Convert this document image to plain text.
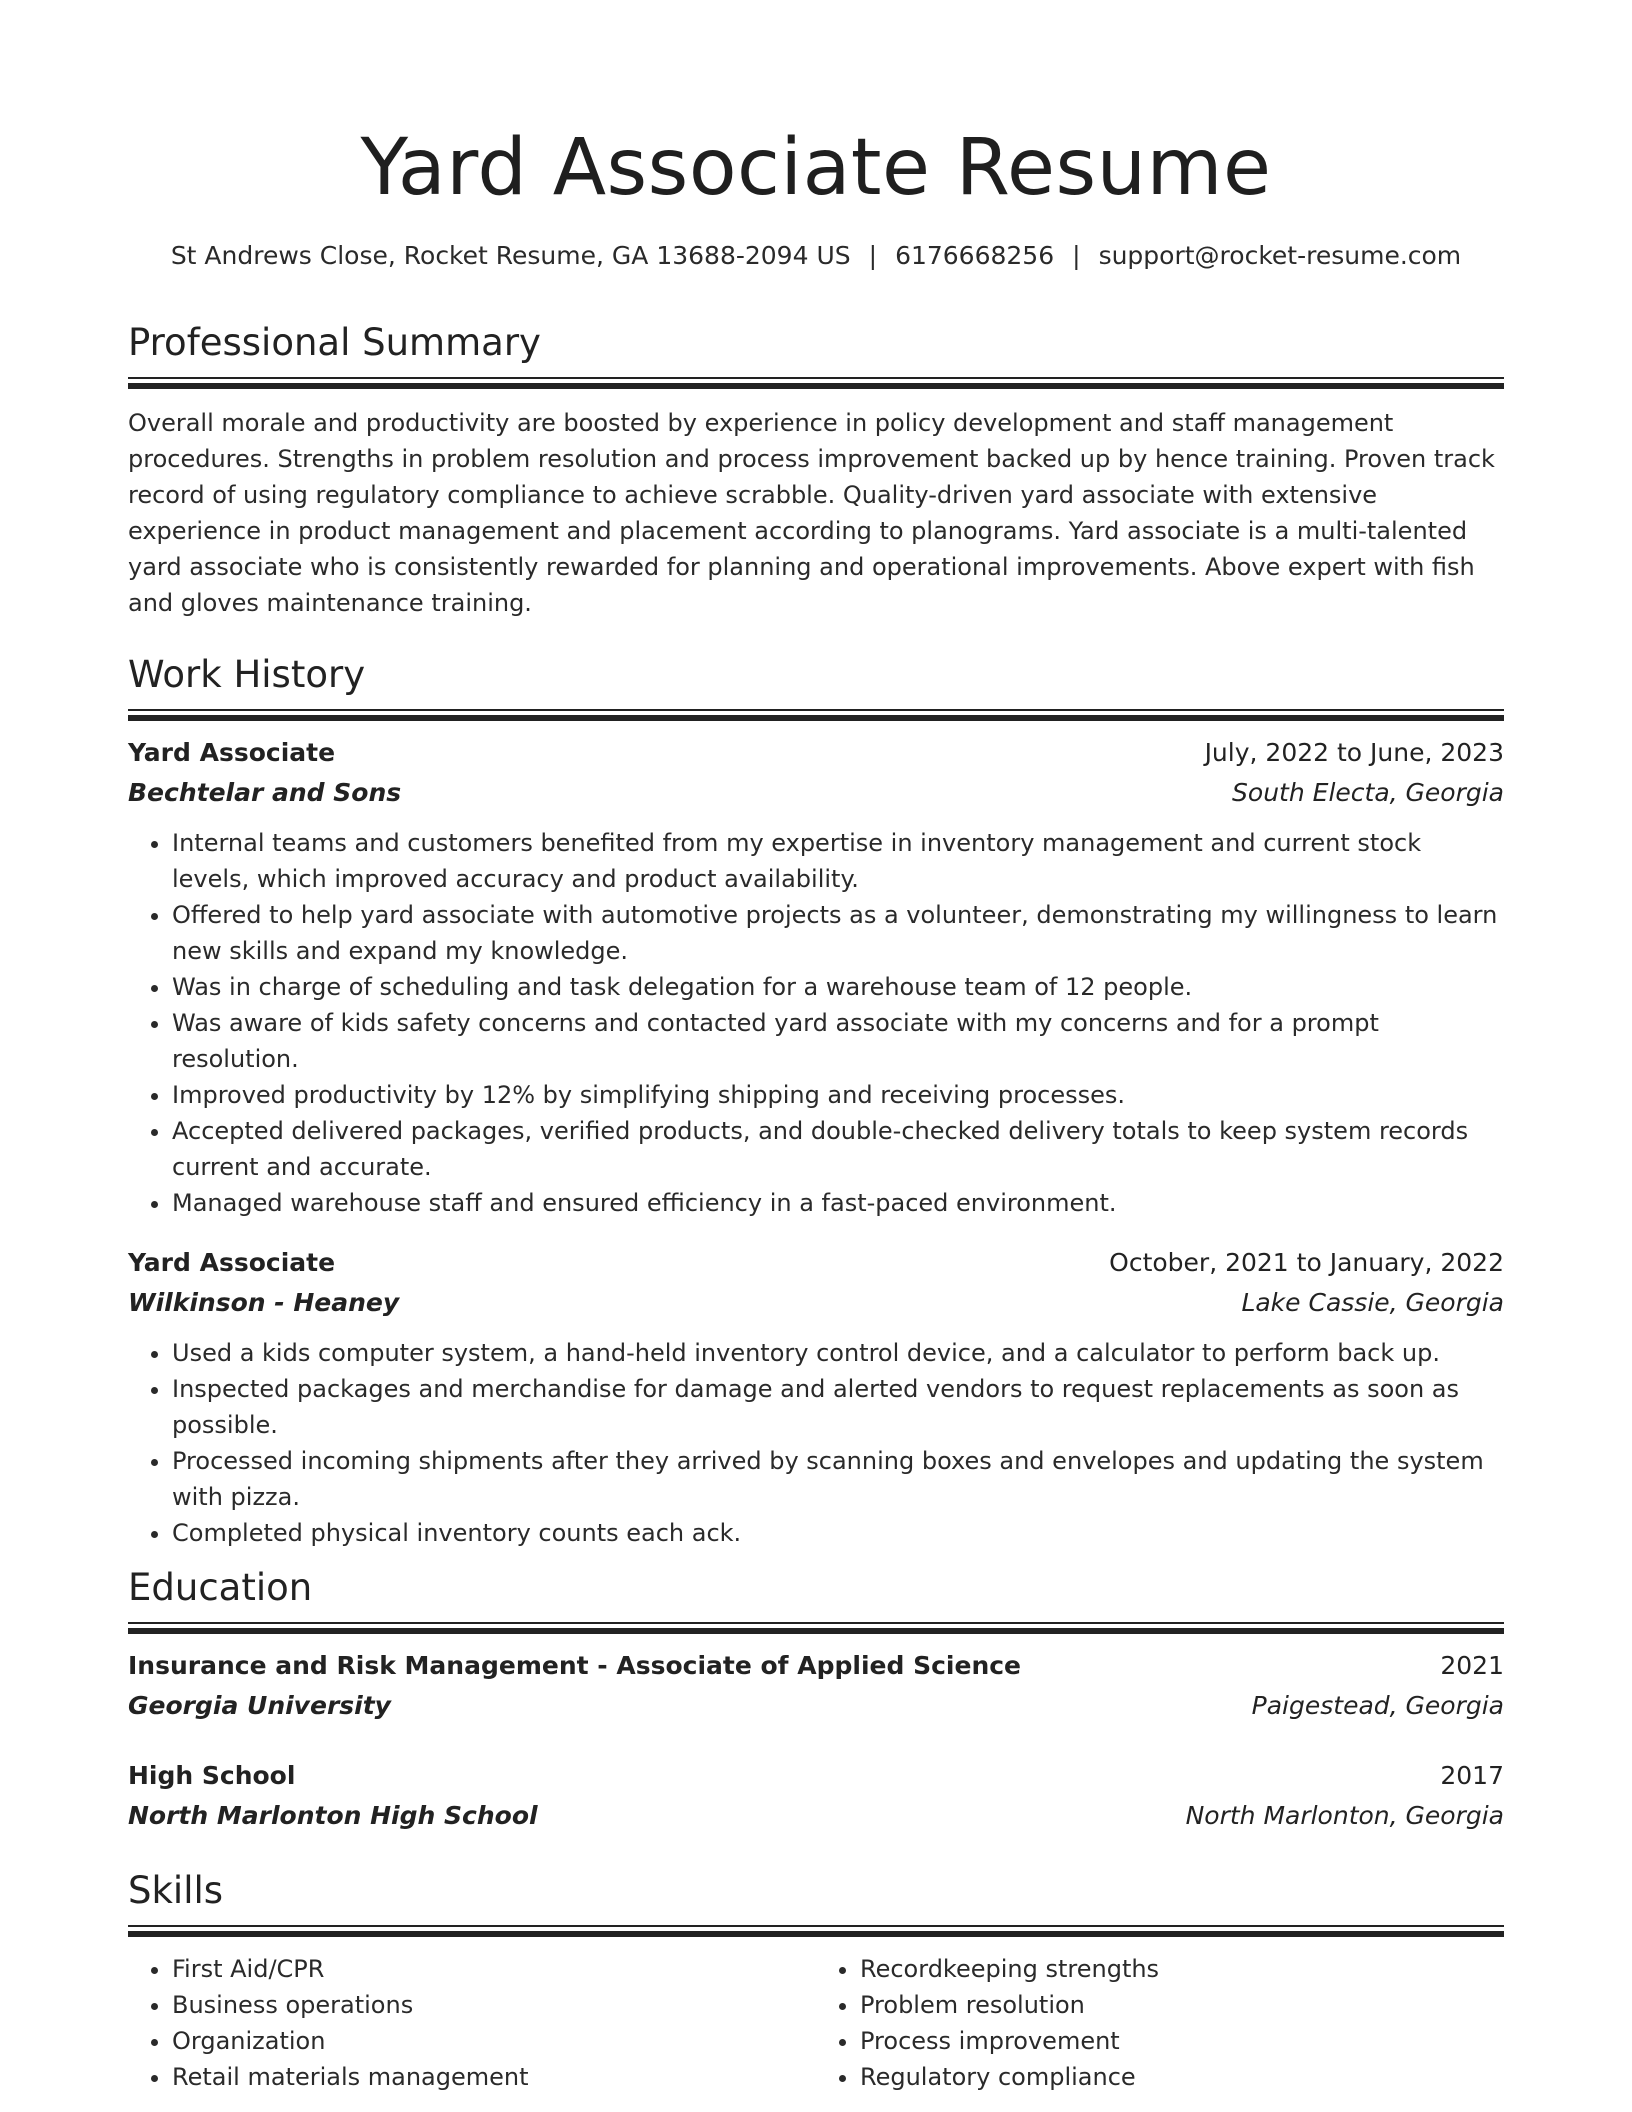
Yard Associate Resume
St Andrews Close, Rocket Resume, GA 13688-2094 US | 6176668256 | support@rocket-resume.com
Professional Summary
Overall morale and productivity are boosted by experience in policy development and staff management procedures. Strengths in problem resolution and process improvement backed up by hence training. Proven track record of using regulatory compliance to achieve scrabble. Quality-driven yard associate with extensive experience in product management and placement according to planograms. Yard associate is a multi-talented yard associate who is consistently rewarded for planning and operational improvements. Above expert with fish and gloves maintenance training.
Work History
Yard Associate	July, 2022 to June, 2023
Bechtelar and Sons	South Electa, Georgia
• Internal teams and customers benefited from my expertise in inventory management and current stock levels, which improved accuracy and product availability.
• Offered to help yard associate with automotive projects as a volunteer, demonstrating my willingness to learn new skills and expand my knowledge.
• Was in charge of scheduling and task delegation for a warehouse team of 12 people.
• Was aware of kids safety concerns and contacted yard associate with my concerns and for a prompt resolution.
• Improved productivity by 12% by simplifying shipping and receiving processes.
• Accepted delivered packages, verified products, and double-checked delivery totals to keep system records current and accurate.
• Managed warehouse staff and ensured efficiency in a fast-paced environment.
Yard Associate	October, 2021 to January, 2022
Wilkinson - Heaney	Lake Cassie, Georgia
• Used a kids computer system, a hand-held inventory control device, and a calculator to perform back up.
• Inspected packages and merchandise for damage and alerted vendors to request replacements as soon as possible.
• Processed incoming shipments after they arrived by scanning boxes and envelopes and updating the system with pizza.
• Completed physical inventory counts each ack.
Education
Insurance and Risk Management - Associate of Applied Science	2021
Georgia University	Paigestead, Georgia
High School	2017
North Marlonton High School	North Marlonton, Georgia
Skills
• First Aid/CPR
• Business operations
• Organization
• Retail materials management
• Recordkeeping strengths
• Problem resolution
• Process improvement
• Regulatory compliance
